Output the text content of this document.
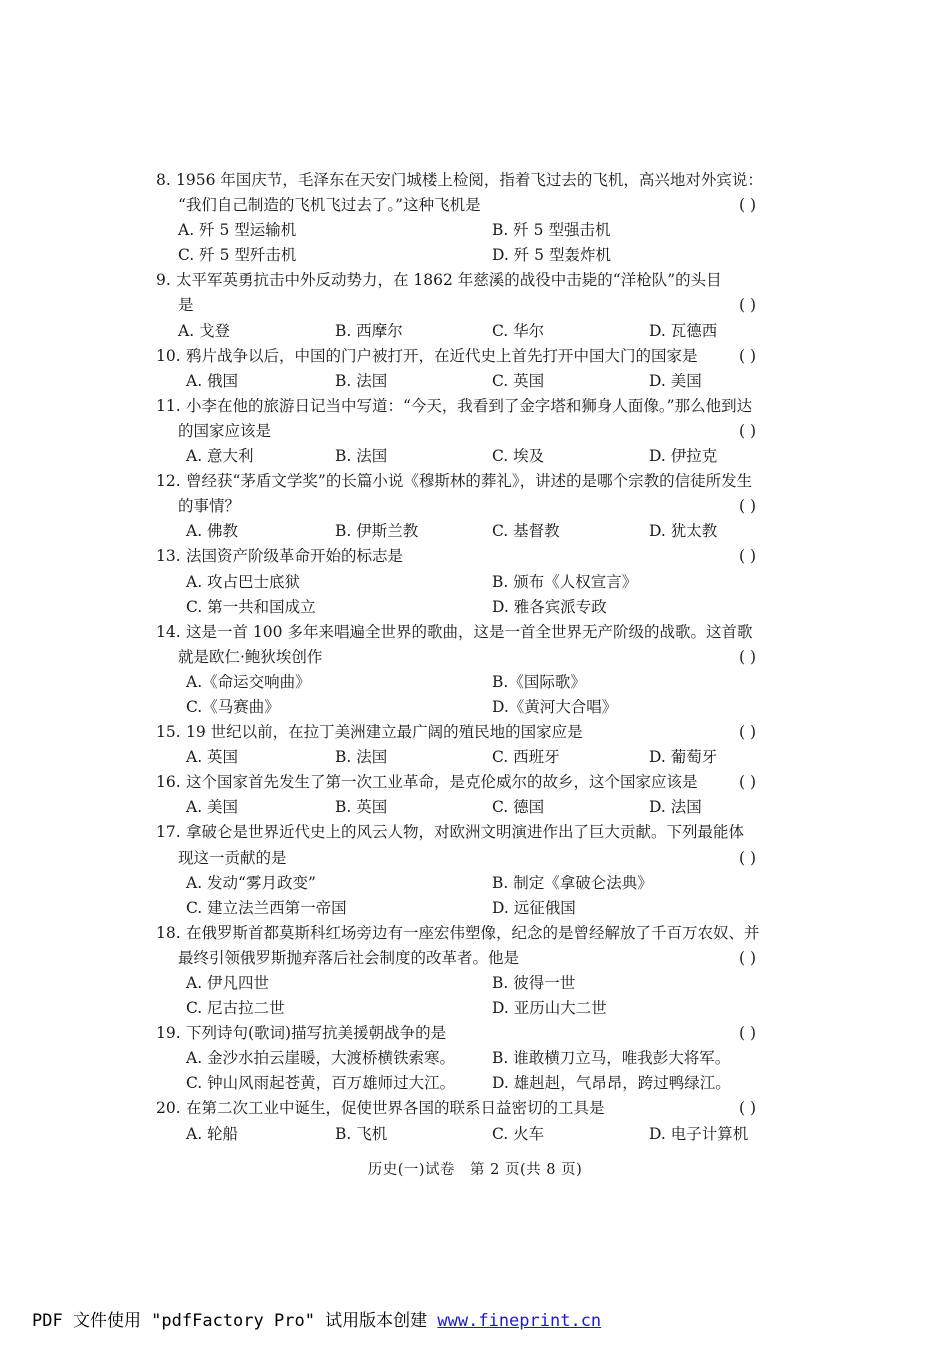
8. 1956 年国庆节，毛泽东在天安门城楼上检阅，指着飞过去的飞机，高兴地对外宾说：
“我们自己制造的飞机飞过去了。”这种飞机是	( )
A. 歼 5 型运输机	B. 歼 5 型强击机
C. 歼 5 型歼击机	D. 歼 5 型轰炸机
9. 太平军英勇抗击中外反动势力，在 1862 年慈溪的战役中击毙的“洋枪队”的头目
是	( )
A. 戈登	B. 西摩尔	C. 华尔	D. 瓦德西
10. 鸦片战争以后，中国的门户被打开，在近代史上首先打开中国大门的国家是	( )
A. 俄国	B. 法国	C. 英国	D. 美国
11. 小李在他的旅游日记当中写道：“今天，我看到了金字塔和狮身人面像。”那么他到达
的国家应该是	( )
A. 意大利	B. 法国	C. 埃及	D. 伊拉克
12. 曾经获“茅盾文学奖”的长篇小说《穆斯林的葬礼》，讲述的是哪个宗教的信徒所发生
的事情？	( )
A. 佛教	B. 伊斯兰教	C. 基督教	D. 犹太教
13. 法国资产阶级革命开始的标志是	( )
A. 攻占巴士底狱	B. 颁布《人权宣言》
C. 第一共和国成立	D. 雅各宾派专政
14. 这是一首 100 多年来唱遍全世界的歌曲，这是一首全世界无产阶级的战歌。这首歌
就是欧仁·鲍狄埃创作	( )
A.《命运交响曲》	B.《国际歌》
C.《马赛曲》	D.《黄河大合唱》
15. 19 世纪以前，在拉丁美洲建立最广阔的殖民地的国家应是	( )
A. 英国	B. 法国	C. 西班牙	D. 葡萄牙
16. 这个国家首先发生了第一次工业革命，是克伦威尔的故乡，这个国家应该是	( )
A. 美国	B. 英国	C. 德国	D. 法国
17. 拿破仑是世界近代史上的风云人物，对欧洲文明演进作出了巨大贡献。下列最能体
现这一贡献的是	( )
A. 发动“雾月政变”	B. 制定《拿破仑法典》
C. 建立法兰西第一帝国	D. 远征俄国
18. 在俄罗斯首都莫斯科红场旁边有一座宏伟塑像，纪念的是曾经解放了千百万农奴、并
最终引领俄罗斯抛弃落后社会制度的改革者。他是	( )
A. 伊凡四世	B. 彼得一世
C. 尼古拉二世	D. 亚历山大二世
19. 下列诗句(歌词)描写抗美援朝战争的是	( )
A. 金沙水拍云崖暖，大渡桥横铁索寒。 B. 谁敢横刀立马，唯我彭大将军。
C. 钟山风雨起苍黄，百万雄师过大江。 D. 雄赳赳，气昂昂，跨过鸭绿江。
20. 在第二次工业中诞生，促使世界各国的联系日益密切的工具是	( )
A. 轮船	B. 飞机	C. 火车	D. 电子计算机
历史(一)试卷　第 2 页(共 8 页)
PDF 文件使用 "pdfFactory Pro" 试用版本创建 www.fineprint.cn
